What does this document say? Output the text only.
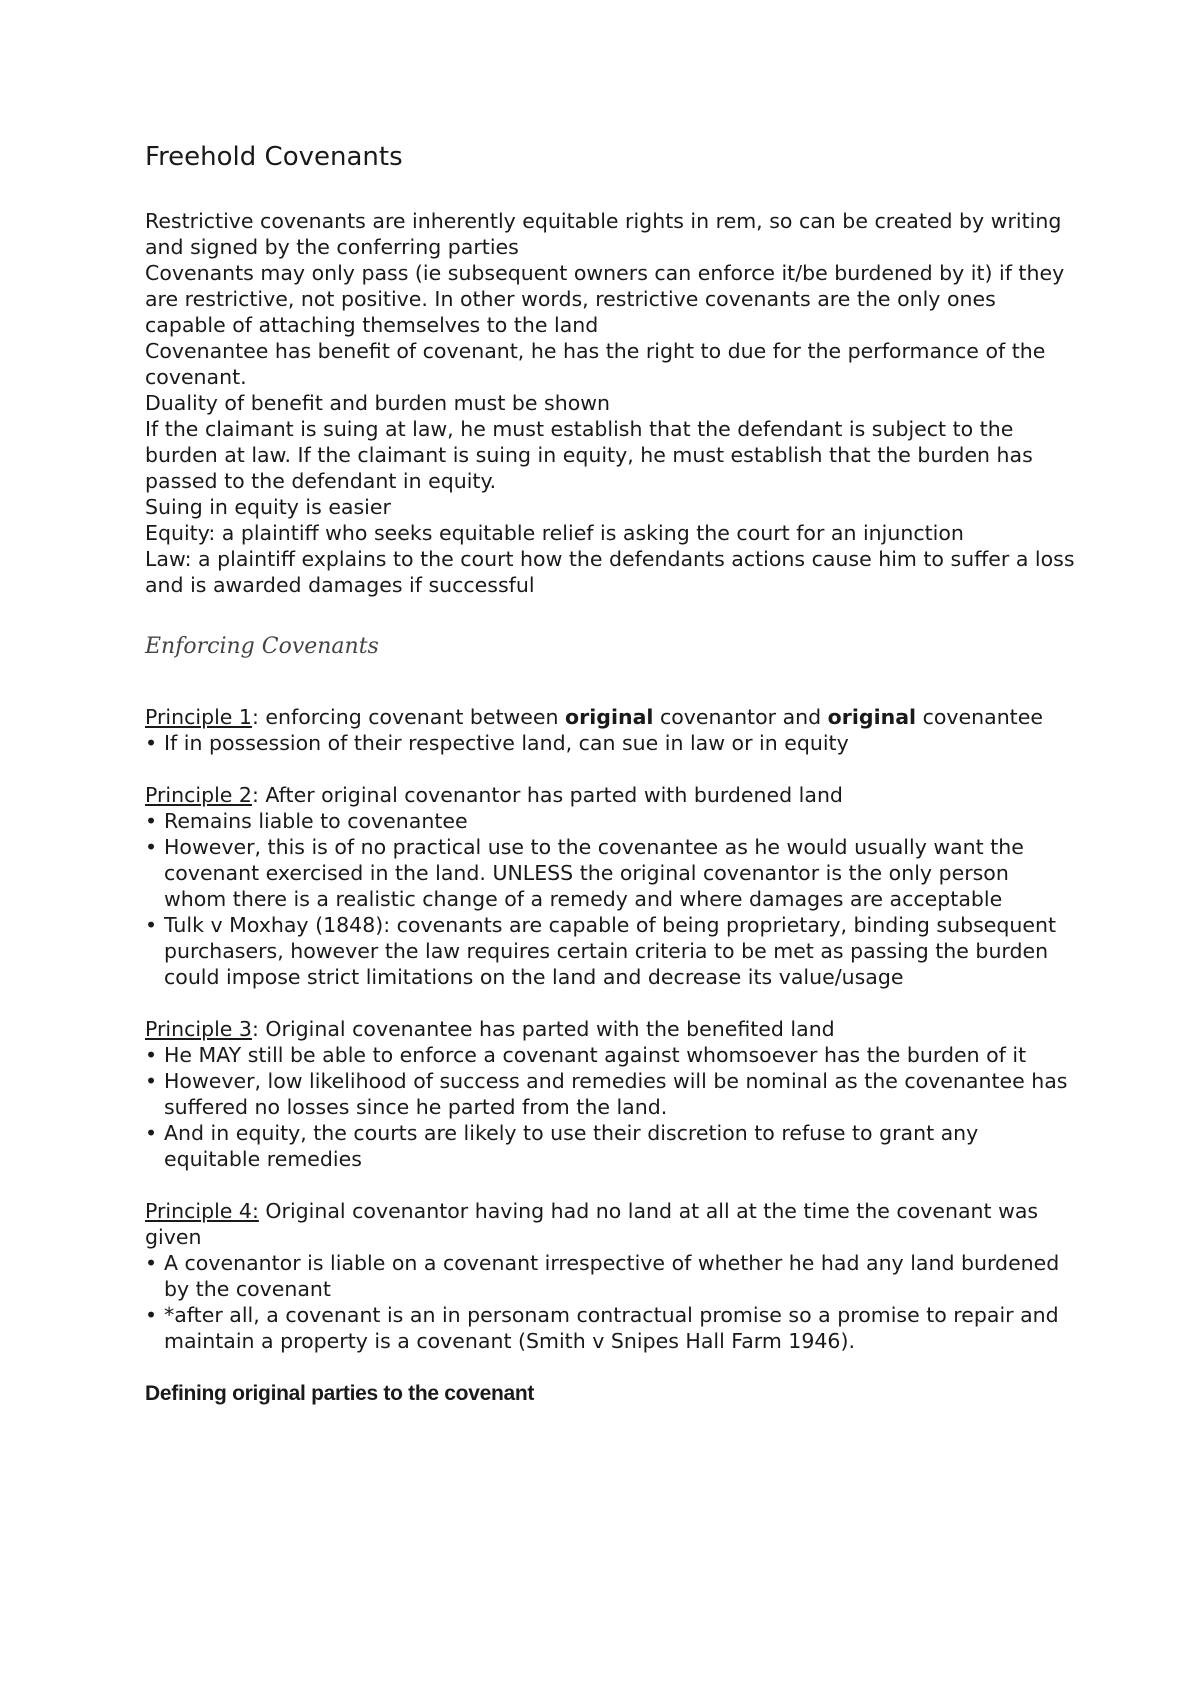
Freehold Covenants

Restrictive covenants are inherently equitable rights in rem, so can be created by writing and signed by the conferring parties

Covenants may only pass (ie subsequent owners can enforce it/be burdened by it) if they are restrictive, not positive. In other words, restrictive covenants are the only ones capable of attaching themselves to the land

Covenantee has benefit of covenant, he has the right to due for the performance of the covenant.

Duality of benefit and burden must be shown

If the claimant is suing at law, he must establish that the defendant is subject to the burden at law. If the claimant is suing in equity, he must establish that the burden has passed to the defendant in equity.

Suing in equity is easier

Equity: a plaintiff who seeks equitable relief is asking the court for an injunction

Law: a plaintiff explains to the court how the defendants actions cause him to suffer a loss and is awarded damages if successful

Enforcing Covenants

Principle 1: enforcing covenant between original covenantor and original covenantee

• If in possession of their respective land, can sue in law or in equity

Principle 2: After original covenantor has parted with burdened land

• Remains liable to covenantee
• However, this is of no practical use to the covenantee as he would usually want the covenant exercised in the land. UNLESS the original covenantor is the only person whom there is a realistic change of a remedy and where damages are acceptable
• Tulk v Moxhay (1848): covenants are capable of being proprietary, binding subsequent purchasers, however the law requires certain criteria to be met as passing the burden could impose strict limitations on the land and decrease its value/usage

Principle 3: Original covenantee has parted with the benefited land

• He MAY still be able to enforce a covenant against whomsoever has the burden of it
• However, low likelihood of success and remedies will be nominal as the covenantee has suffered no losses since he parted from the land.
• And in equity, the courts are likely to use their discretion to refuse to grant any equitable remedies

Principle 4: Original covenantor having had no land at all at the time the covenant was given

• A covenantor is liable on a covenant irrespective of whether he had any land burdened by the covenant
• *after all, a covenant is an in personam contractual promise so a promise to repair and maintain a property is a covenant (Smith v Snipes Hall Farm 1946).
Defining original parties to the covenant
